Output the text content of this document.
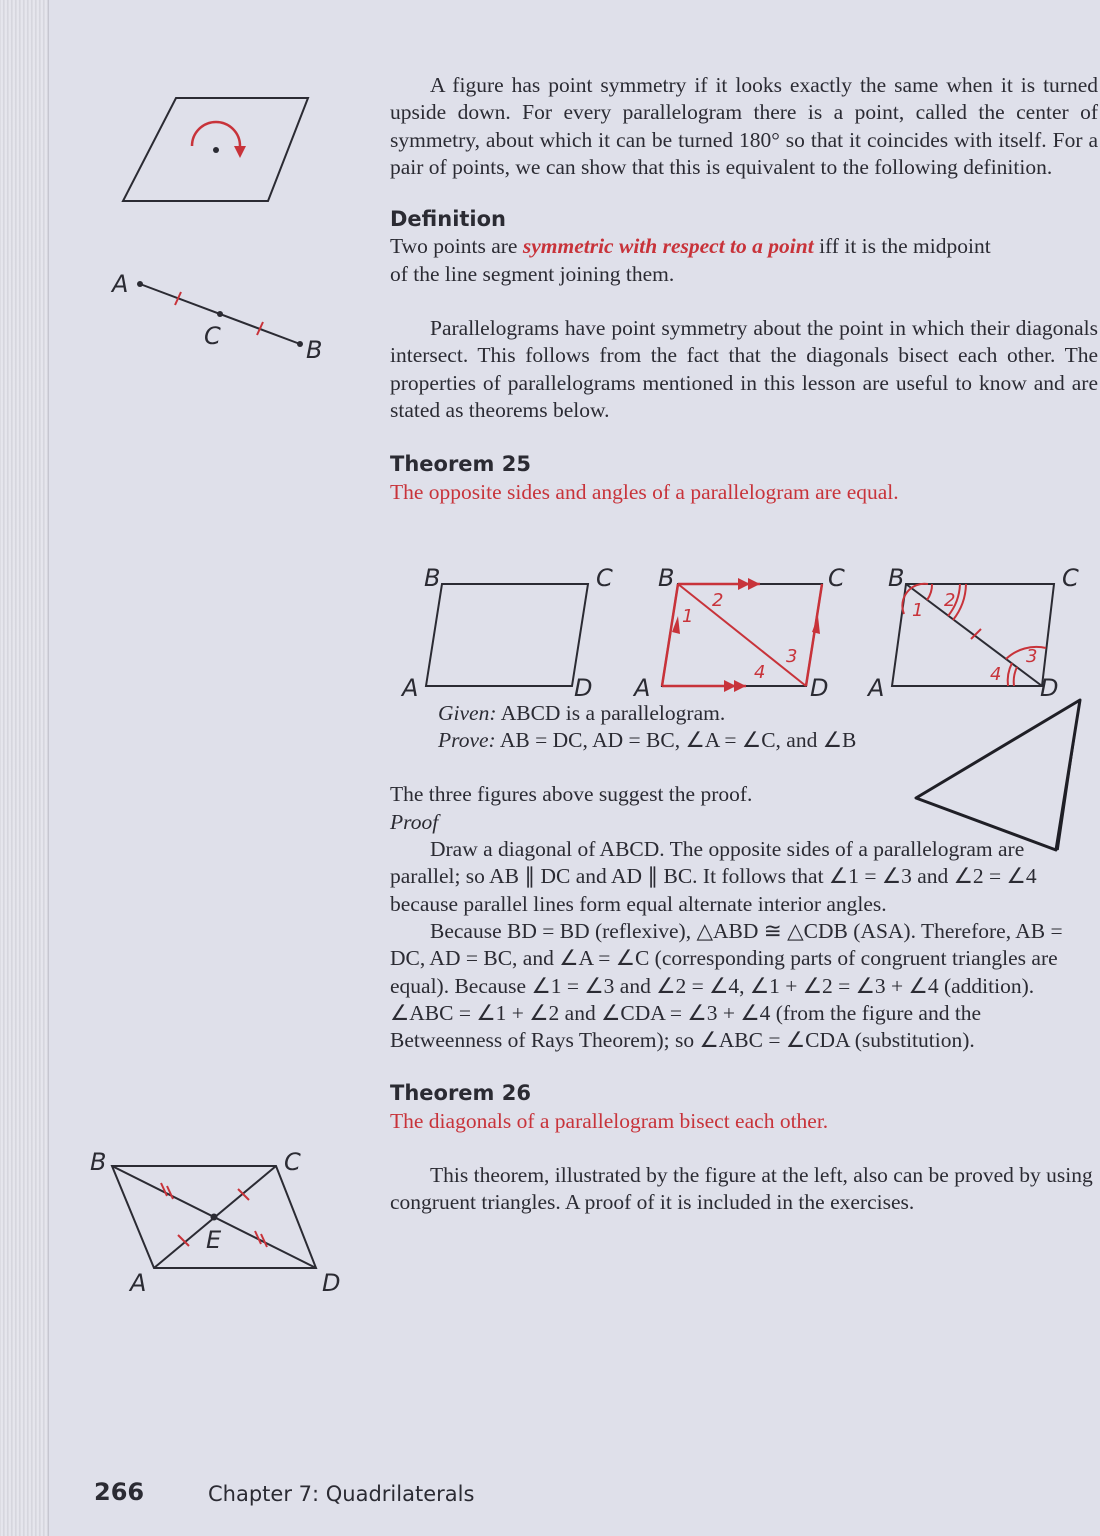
A
C	B
B	C
A	D
E
B	C
A	D
1
2
3
4
B	C
A	D
1 2
3
4
B	C
A	D

A figure has point symmetry if it looks exactly the same when it is turned upside down. For every parallelogram there is a point, called the center of symmetry, about which it can be turned 180° so that it coincides with itself. For a pair of points, we can show that this is equivalent to the following definition.

Definition

Two points are symmetric with respect to a point iff it is the midpoint of the line segment joining them.

Parallelograms have point symmetry about the point in which their diagonals intersect. This follows from the fact that the diagonals bisect each other. The properties of parallelograms mentioned in this lesson are useful to know and are stated as theorems below.

Theorem 25

The opposite sides and angles of a parallelogram are equal.

Given: ABCD is a parallelogram.

Prove: AB = DC, AD = BC, ∠A = ∠C, and ∠B

The three figures above suggest the proof.

Proof

Draw a diagonal of ABCD. The opposite sides of a parallelogram are parallel; so AB ∥ DC and AD ∥ BC. It follows that ∠1 = ∠3 and ∠2 = ∠4 because parallel lines form equal alternate interior angles.

Because BD = BD (reflexive), △ABD ≅ △CDB (ASA). Therefore, AB = DC, AD = BC, and ∠A = ∠C (corresponding parts of congruent triangles are equal). Because ∠1 = ∠3 and ∠2 = ∠4, ∠1 + ∠2 = ∠3 + ∠4 (addition). ∠ABC = ∠1 + ∠2 and ∠CDA = ∠3 + ∠4 (from the figure and the Betweenness of Rays Theorem); so ∠ABC = ∠CDA (substitution).

Theorem 26

The diagonals of a parallelogram bisect each other.

This theorem, illustrated by the figure at the left, also can be proved by using congruent triangles. A proof of it is included in the exercises.

266	Chapter 7: Quadrilaterals
